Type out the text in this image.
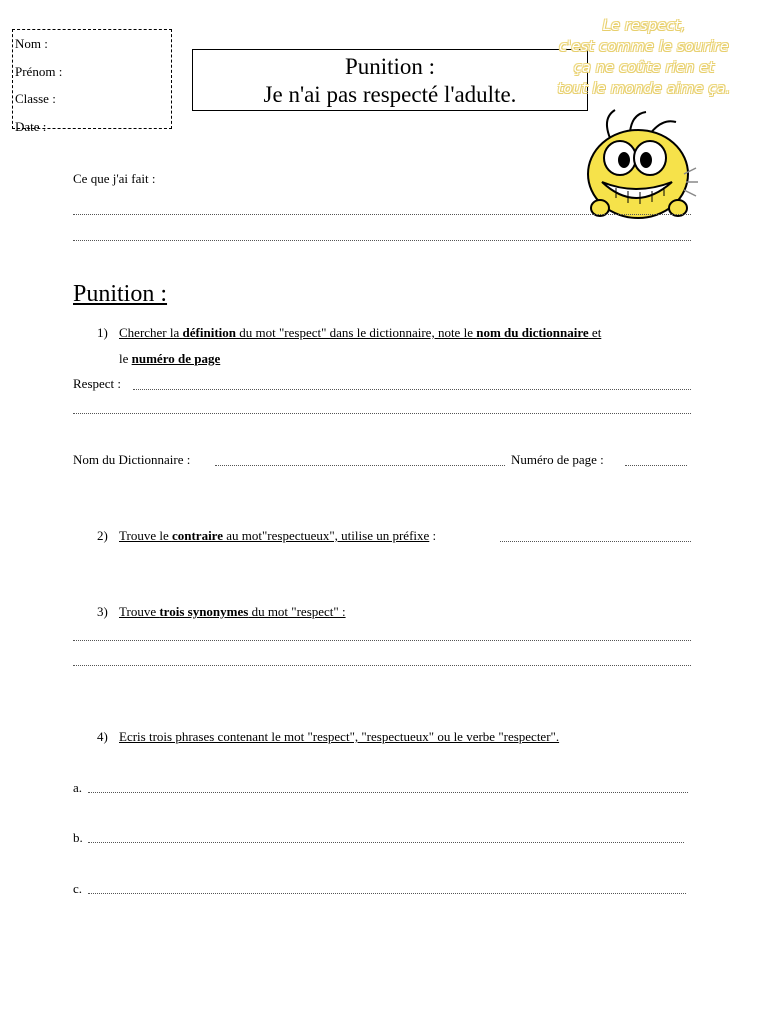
Nom :
Prénom :
Classe :
Date :
Punition :
Je n'ai pas respecté l'adulte.
Le respect,
c'est comme le sourire
ça ne coûte rien et
tout le monde aime ça.
Ce que j'ai fait :
Punition :
1) Chercher la définition du mot "respect" dans le dictionnaire, note le nom du dictionnaire et
le numéro de page
Respect :
Nom du Dictionnaire :	Numéro de page :
2) Trouve le contraire au mot"respectueux", utilise un préfixe :
3) Trouve trois synonymes du mot "respect" :
4) Ecris trois phrases contenant le mot "respect", "respectueux" ou le verbe "respecter".
a.
b.
c.
